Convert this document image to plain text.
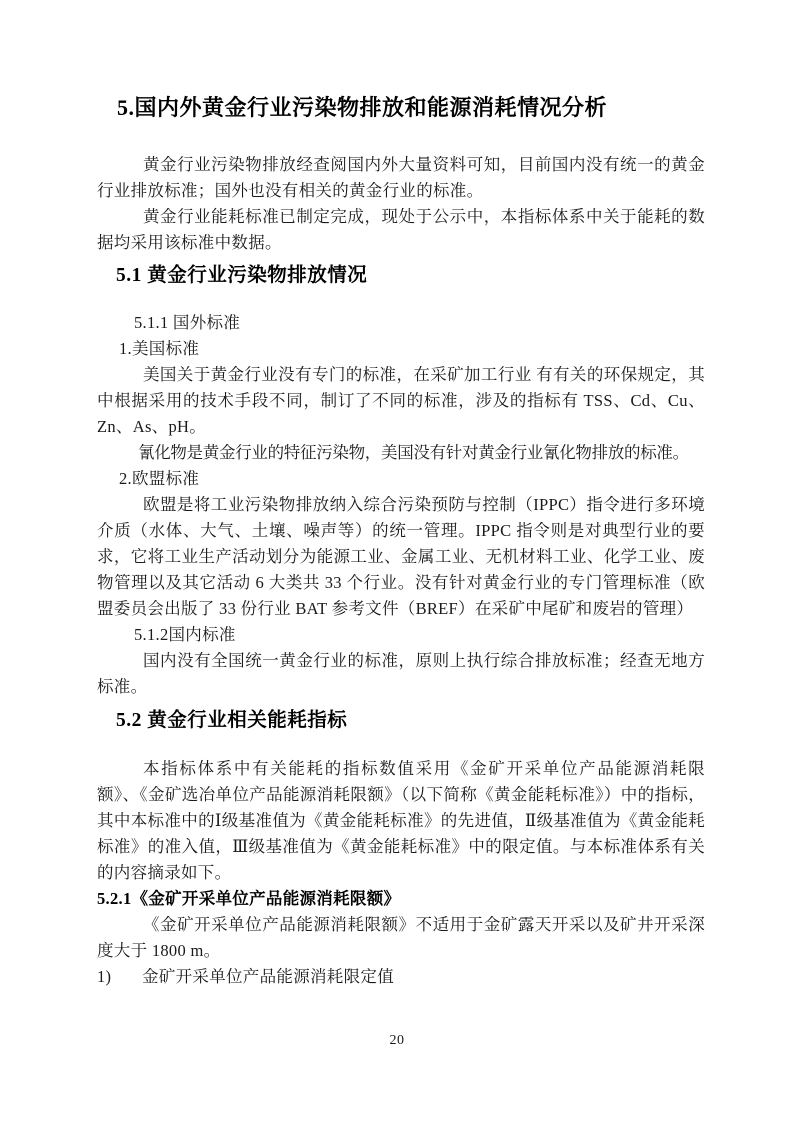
5.国内外黄金行业污染物排放和能源消耗情况分析

黄金行业污染物排放经查阅国内外大量资料可知，目前国内没有统一的黄金行业排放标准；国外也没有相关的黄金行业的标准。

黄金行业能耗标准已制定完成，现处于公示中，本指标体系中关于能耗的数据均采用该标准中数据。

5.1 黄金行业污染物排放情况

5.1.1 国外标准

1.美国标准

美国关于黄金行业没有专门的标准，在采矿加工行业 有有关的环保规定，其中根据采用的技术手段不同，制订了不同的标准，涉及的指标有 TSS、Cd、Cu、Zn、As、pH。

氰化物是黄金行业的特征污染物，美国没有针对黄金行业氰化物排放的标准。

2.欧盟标准

欧盟是将工业污染物排放纳入综合污染预防与控制（IPPC）指令进行多环境介质（水体、大气、土壤、噪声等）的统一管理。IPPC 指令则是对典型行业的要求，它将工业生产活动划分为能源工业、金属工业、无机材料工业、化学工业、废物管理以及其它活动 6 大类共 33 个行业。没有针对黄金行业的专门管理标准（欧盟委员会出版了 33 份行业 BAT 参考文件（BREF）在采矿中尾矿和废岩的管理）

5.1.2国内标准

国内没有全国统一黄金行业的标准，原则上执行综合排放标准；经查无地方标准。

5.2 黄金行业相关能耗指标

本指标体系中有关能耗的指标数值采用《金矿开采单位产品能源消耗限额》、《金矿选冶单位产品能源消耗限额》（以下简称《黄金能耗标准》）中的指标，其中本标准中的Ⅰ级基准值为《黄金能耗标准》的先进值，Ⅱ级基准值为《黄金能耗标准》的准入值，Ⅲ级基准值为《黄金能耗标准》中的限定值。与本标准体系有关的内容摘录如下。

5.2.1《金矿开采单位产品能源消耗限额》

《金矿开采单位产品能源消耗限额》不适用于金矿露天开采以及矿井开采深度大于 1800 m。

1)	金矿开采单位产品能源消耗限定值
20
